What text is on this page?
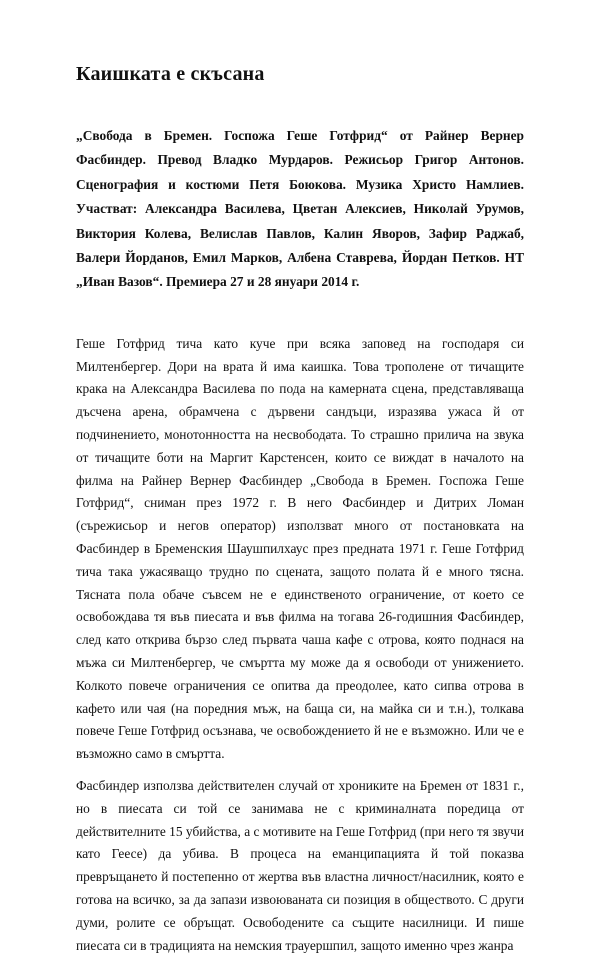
Каишката е скъсана

„Свобода в Бремен. Госпожа Геше Готфрид“ от Райнер Вернер Фасбиндер. Превод Владко Мурдаров. Режисьор Григор Антонов. Сценография и костюми Петя Боюкова. Музика Христо Намлиев. Участват: Александра Василева, Цветан Алексиев, Николай Урумов, Виктория Колева, Велислав Павлов, Калин Яворов, Зафир Раджаб, Валери Йорданов, Емил Марков, Албена Ставрева, Йордан Петков. НТ „Иван Вазов“. Премиера 27 и 28 януари 2014 г.

Геше Готфрид тича като куче при всяка заповед на господаря си Милтенбергер. Дори на врата й има каишка. Това трополене от тичащите крака на Александра Василева по пода на камерната сцена, представляваща дъсчена арена, обрамчена с дървени сандъци, изразява ужаса й от подчинението, монотонността на несвободата. То страшно прилича на звука от тичащите боти на Маргит Карстенсен, които се виждат в началото на филма на Райнер Вернер Фасбиндер „Свобода в Бремен. Госпожа Геше Готфрид“, сниман през 1972 г. В него Фасбиндер и Дитрих Ломан (сърежисьор и негов оператор) използват много от постановката на Фасбиндер в Бременския Шаушпилхаус през предната 1971 г. Геше Готфрид тича така ужасяващо трудно по сцената, защото полата й е много тясна. Тясната пола обаче съвсем не е единственото ограничение, от което се освобождава тя във пиесата и във филма на тогава 26-годишния Фасбиндер, след като открива бързо след първата чаша кафе с отрова, която поднася на мъжа си Милтенбергер, че смъртта му може да я освободи от унижението. Колкото повече ограничения се опитва да преодолее, като сипва отрова в кафето или чая (на поредния мъж, на баща си, на майка си и т.н.), толкава повече Геше Готфрид осъзнава, че освобождението й не е възможно. Или че е възможно само в смъртта.

Фасбиндер използва действителен случай от хрониките на Бремен от 1831 г., но в пиесата си той се занимава не с криминалната поредица от действителните 15 убийства, а с мотивите на Геше Готфрид (при него тя звучи като Геесе) да убива. В процеса на еманципацията й той показва превръщането й постепенно от жертва във властна личност/насилник, която е готова на всичко, за да запази извоюваната си позиция в обществото. С други думи, ролите се обръщат. Освободените са същите насилници. И пише пиесата си в традицията на немския трауершпил, защото именно чрез жанра
